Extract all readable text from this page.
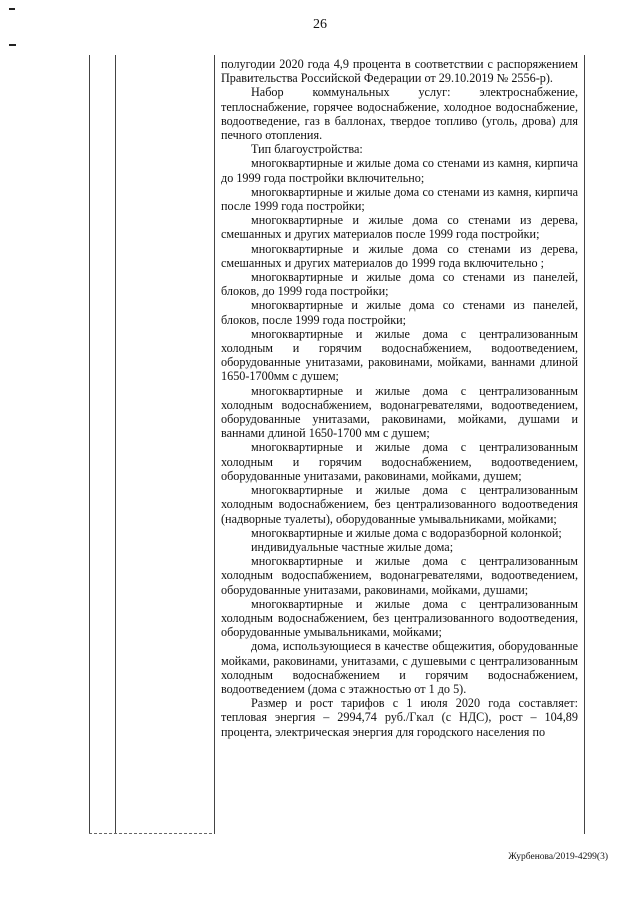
26

полугодии 2020 года 4,9 процента в соответствии с распоряжением Правительства Российской Федерации от 29.10.2019 № 2556-р).

Набор коммунальных услуг: электроснабжение, теплоснабжение, горячее водоснабжение, холодное водоснабжение, водоотведение, газ в баллонах, твердое топливо (уголь, дрова) для печного отопления.

Тип благоустройства:

многоквартирные и жилые дома со стенами из камня, кирпича до 1999 года постройки включительно;

многоквартирные и жилые дома со стенами из камня, кирпича после 1999 года постройки;

многоквартирные и жилые дома со стенами из дерева, смешанных и других материалов после 1999 года постройки;

многоквартирные и жилые дома со стенами из дерева, смешанных и других материалов до 1999 года включительно ;

многоквартирные и жилые дома со стенами из панелей, блоков, до 1999 года постройки;

многоквартирные и жилые дома со стенами из панелей, блоков, после 1999 года постройки;

многоквартирные и жилые дома с централизованным холодным и горячим водоснабжением, водоотведением, оборудованные унитазами, раковинами, мойками, ваннами длиной 1650-1700мм с душем;

многоквартирные и жилые дома с централизованным холодным водоснабжением, водонагревателями, водоотведением, оборудованные унитазами, раковинами, мойками, душами и ваннами длиной 1650-1700 мм с душем;

многоквартирные и жилые дома с централизованным холодным и горячим водоснабжением, водоотведением, оборудованные унитазами, раковинами, мойками, душем;

многоквартирные и жилые дома с централизованным холодным водоснабжением, без централизованного водоотведения (надворные туалеты), оборудованные умывальниками, мойками;

многоквартирные и жилые дома с водоразборной колонкой;

индивидуальные частные жилые дома;

многоквартирные и жилые дома с централизованным холодным водоспабжением, водонагревателями, водоотведением, оборудованные унитазами, раковинами, мойками, душами;

многоквартирные и жилые дома с централизованным холодным водоснабжением, без централизованного водоотведения, оборудованные умывальниками, мойками;

дома, использующиеся в качестве общежития, оборудованные мойками, раковинами, унитазами, с душевыми с централизованным холодным водоснабжением и горячим водоснабжением, водоотведением (дома с этажностью от 1 до 5).

Размер и рост тарифов с 1 июля 2020 года составляет: тепловая энергия – 2994,74 руб./Гкал (с НДС), рост – 104,89 процента, электрическая энергия для городского населения по

Журбенова/2019-4299(3)
